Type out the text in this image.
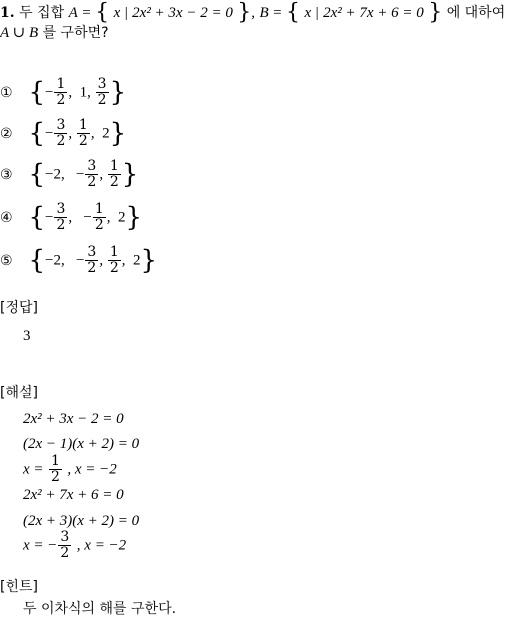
1. 두 집합 A = { x | 2x² + 3x − 2 = 0 }, B = { x | 2x² + 7x + 6 = 0 } 에 대하여
A ∪ B 를 구하면?
① {− $\frac{1}{2}$ ,  1, $\frac{3}{2}$ }
② {− $\frac{3}{2}$ , $\frac{1}{2}$ ,  2}
③ {−2,   − $\frac{3}{2}$ , $\frac{1}{2}$ }
④ {− $\frac{3}{2}$ ,   − $\frac{1}{2}$ ,  2}
⑤ {−2,   − $\frac{3}{2}$ , $\frac{1}{2}$ ,  2}
[정답]
3
[해설]
2x² + 3x − 2 = 0
(2x − 1)(x + 2) = 0
$x = \frac{1}{2}$ , x = −2
2x² + 7x + 6 = 0
(2x + 3)(x + 2) = 0
x = − $\frac{3}{2}$ , x = −2
[힌트]
두 이차식의 해를 구한다.
